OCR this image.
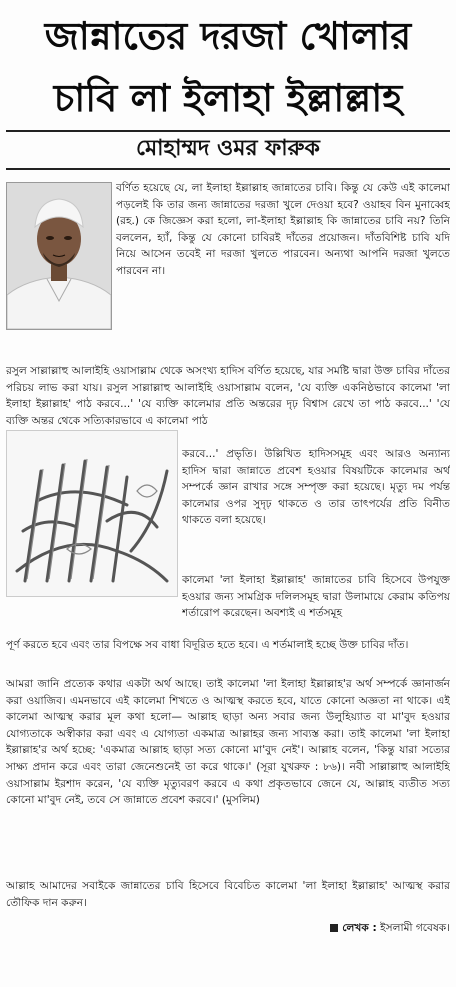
জান্নাতের দরজা খোলার
চাবি লা ইলাহা ইল্লাল্লাহ
মোহাম্মদ ওমর ফারুক
বর্ণিত হয়েছে যে, লা ইলাহা ইল্লাল্লাহ জান্নাতের চাবি। কিন্তু যে কেউ এই কালেমা পড়লেই কি তার জন্য জান্নাতের দরজা খুলে দেওয়া হবে? ওয়াহব বিন মুনাব্বেহ (রহ.) কে জিজ্ঞেস করা হলো, লা-ইলাহা ইল্লাল্লাহ কি জান্নাতের চাবি নয়? তিনি বললেন, হ্যাঁ, কিন্তু যে কোনো চাবিরই দাঁতের প্রয়োজন। দাঁতবিশিষ্ট চাবি যদি নিয়ে আসেন তবেই না দরজা খুলতে পারবেন। অন্যথা আপনি দরজা খুলতে পারবেন না।
রসুল সাল্লাল্লাহু আলাইহি ওয়াসাল্লাম থেকে অসংখ্য হাদিস বর্ণিত হয়েছে, যার সমষ্টি দ্বারা উক্ত চাবির দাঁতের পরিচয় লাভ করা যায়। রসুল সাল্লাল্লাহু আলাইহি ওয়াসাল্লাম বলেন, 'যে ব্যক্তি একনিষ্ঠভাবে কালেমা 'লা ইলাহা ইল্লাল্লাহ' পাঠ করবে...' 'যে ব্যক্তি কালেমার প্রতি অন্তরের দৃঢ় বিশ্বাস রেখে তা পাঠ করবে...' 'যে ব্যক্তি অন্তর থেকে সত্যিকারভাবে এ কালেমা পাঠ
করবে...' প্রভৃতি। উল্লিখিত হাদিসসমূহ এবং আরও অন্যান্য হাদিস দ্বারা জান্নাতে প্রবেশ হওয়ার বিষয়টিকে কালেমার অর্থ সম্পর্কে জ্ঞান রাখার সঙ্গে সম্পৃক্ত করা হয়েছে। মৃত্যু দম পর্যন্ত কালেমার ওপর সুদৃঢ় থাকতে ও তার তাৎপর্যের প্রতি বিনীত থাকতে বলা হয়েছে।
কালেমা 'লা ইলাহা ইল্লাল্লাহ' জান্নাতের চাবি হিসেবে উপযুক্ত হওয়ার জন্য সামগ্রিক দলিলসমূহ দ্বারা উলামায়ে কেরাম কতিপয় শর্তারোপ করেছেন। অবশ্যই এ শর্তসমূহ
পূর্ণ করতে হবে এবং তার বিপক্ষে সব বাধা বিদূরিত হতে হবে। এ শর্তমালাই হচ্ছে উক্ত চাবির দাঁত।
আমরা জানি প্রত্যেক কথার একটা অর্থ আছে। তাই কালেমা 'লা ইলাহা ইল্লাল্লাহ'র অর্থ সম্পর্কে জ্ঞানার্জন করা ওয়াজিব। এমনভাবে এই কালেমা শিখতে ও আত্মস্থ করতে হবে, যাতে কোনো অজ্ঞতা না থাকে। এই কালেমা আত্মস্থ করার মূল কথা হলো— আল্লাহ ছাড়া অন্য সবার জন্য উলুহিয়্যাত বা মা'বুদ হওয়ার যোগ্যতাকে অস্বীকার করা এবং এ যোগ্যতা একমাত্র আল্লাহর জন্য সাব্যস্ত করা। তাই কালেমা 'লা ইলাহা ইল্লাল্লাহ'র অর্থ হচ্ছে: 'একমাত্র আল্লাহ ছাড়া সত্য কোনো মা'বুদ নেই'। আল্লাহ বলেন, 'কিন্তু যারা সত্যের সাক্ষ্য প্রদান করে এবং তারা জেনেশুনেই তা করে থাকে।' (সূরা যুখরুফ : ৮৬)। নবী সাল্লাল্লাহু আলাইহি ওয়াসাল্লাম ইরশাদ করেন, 'যে ব্যক্তি মৃত্যুবরণ করবে এ কথা প্রকৃতভাবে জেনে যে, আল্লাহ ব্যতীত সত্য কোনো মা'বুদ নেই, তবে সে জান্নাতে প্রবেশ করবে।' (মুসলিম)
আল্লাহ আমাদের সবাইকে জান্নাতের চাবি হিসেবে বিবেচিত কালেমা 'লা ইলাহা ইল্লাল্লাহ' আত্মস্থ করার তৌফিক দান করুন।
লেখক : ইসলামী গবেষক।
